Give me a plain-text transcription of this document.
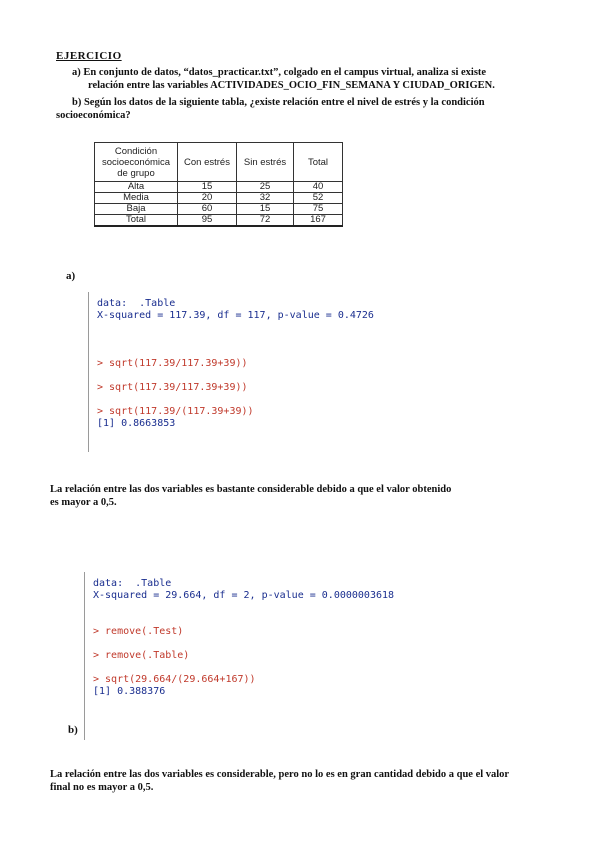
EJERCICIO
a) En conjunto de datos, “datos_practicar.txt”, colgado en el campus virtual, analiza si existe
relación entre las variables ACTIVIDADES_OCIO_FIN_SEMANA Y CIUDAD_ORIGEN.
b) Según los datos de la siguiente tabla, ¿existe relación entre el nivel de estrés y la condición
socioeconómica?
Condición socioeconómica de grupo	Con estrés	Sin estrés	Total
Alta	15	25	40
Media	20	32	52
Baja	60	15	75
Total	95	72	167
a)
data:  .Table
X-squared = 117.39, df = 117, p-value = 0.4726

> sqrt(117.39/117.39+39))

> sqrt(117.39/117.39+39))

> sqrt(117.39/(117.39+39))
[1] 0.8663853
La relación entre las dos variables es bastante considerable debido a que el valor obtenido
es mayor a 0,5.
data:  .Table
X-squared = 29.664, df = 2, p-value = 0.0000003618

> remove(.Test)

> remove(.Table)

> sqrt(29.664/(29.664+167))
[1] 0.388376
b)
La relación entre las dos variables es considerable, pero no lo es en gran cantidad debido a que el valor
final no es mayor a 0,5.
